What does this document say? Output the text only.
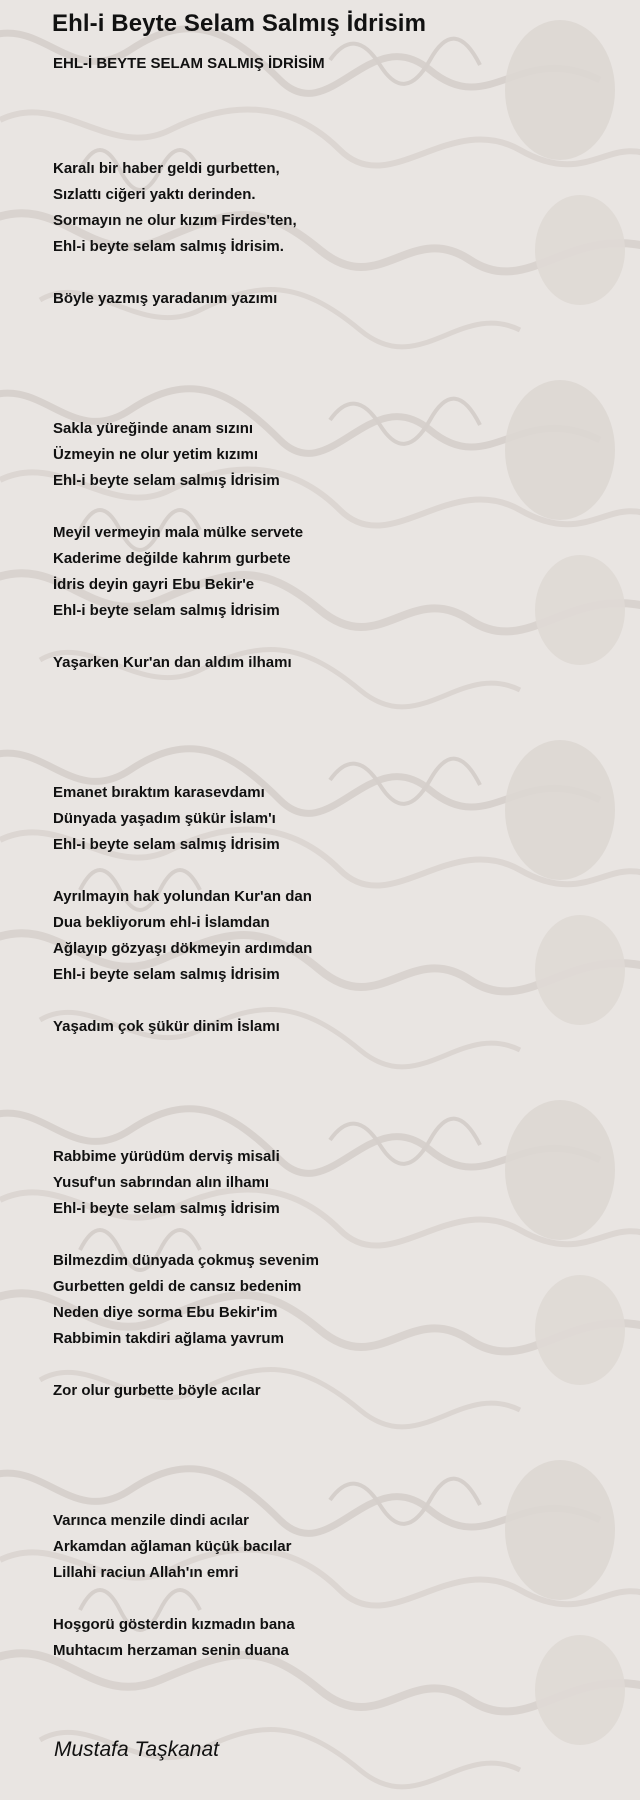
Ehl-i Beyte Selam Salmış İdrisim
EHL-İ BEYTE SELAM SALMIŞ İDRİSİM
Karalı bir haber geldi gurbetten,
Sızlattı ciğeri yaktı derinden.
Sormayın ne olur kızım Firdes'ten,
Ehl-i beyte selam salmış İdrisim.
Böyle yazmış yaradanım yazımı
Sakla yüreğinde anam sızını
Üzmeyin ne olur yetim kızımı
Ehl-i beyte selam salmış İdrisim
Meyil vermeyin mala mülke servete
Kaderime değilde kahrım gurbete
İdris deyin gayri Ebu Bekir'e
Ehl-i beyte selam salmış İdrisim
Yaşarken Kur'an dan aldım ilhamı
Emanet bıraktım karasevdamı
Dünyada yaşadım şükür İslam'ı
Ehl-i beyte selam salmış İdrisim
Ayrılmayın hak yolundan Kur'an dan
Dua bekliyorum ehl-i İslamdan
Ağlayıp gözyaşı dökmeyin ardımdan
Ehl-i beyte selam salmış İdrisim
Yaşadım çok şükür dinim İslamı
Rabbime yürüdüm derviş misali
Yusuf'un sabrından alın ilhamı
Ehl-i beyte selam salmış İdrisim
Bilmezdim dünyada çokmuş sevenim
Gurbetten geldi de cansız bedenim
Neden diye sorma Ebu Bekir'im
Rabbimin takdiri ağlama yavrum
Zor olur gurbette böyle acılar
Varınca menzile dindi acılar
Arkamdan ağlaman küçük bacılar
Lillahi raciun Allah'ın emri
Hoşgorü gösterdin kızmadın bana
Muhtacım herzaman senin duana
Mustafa Taşkanat
